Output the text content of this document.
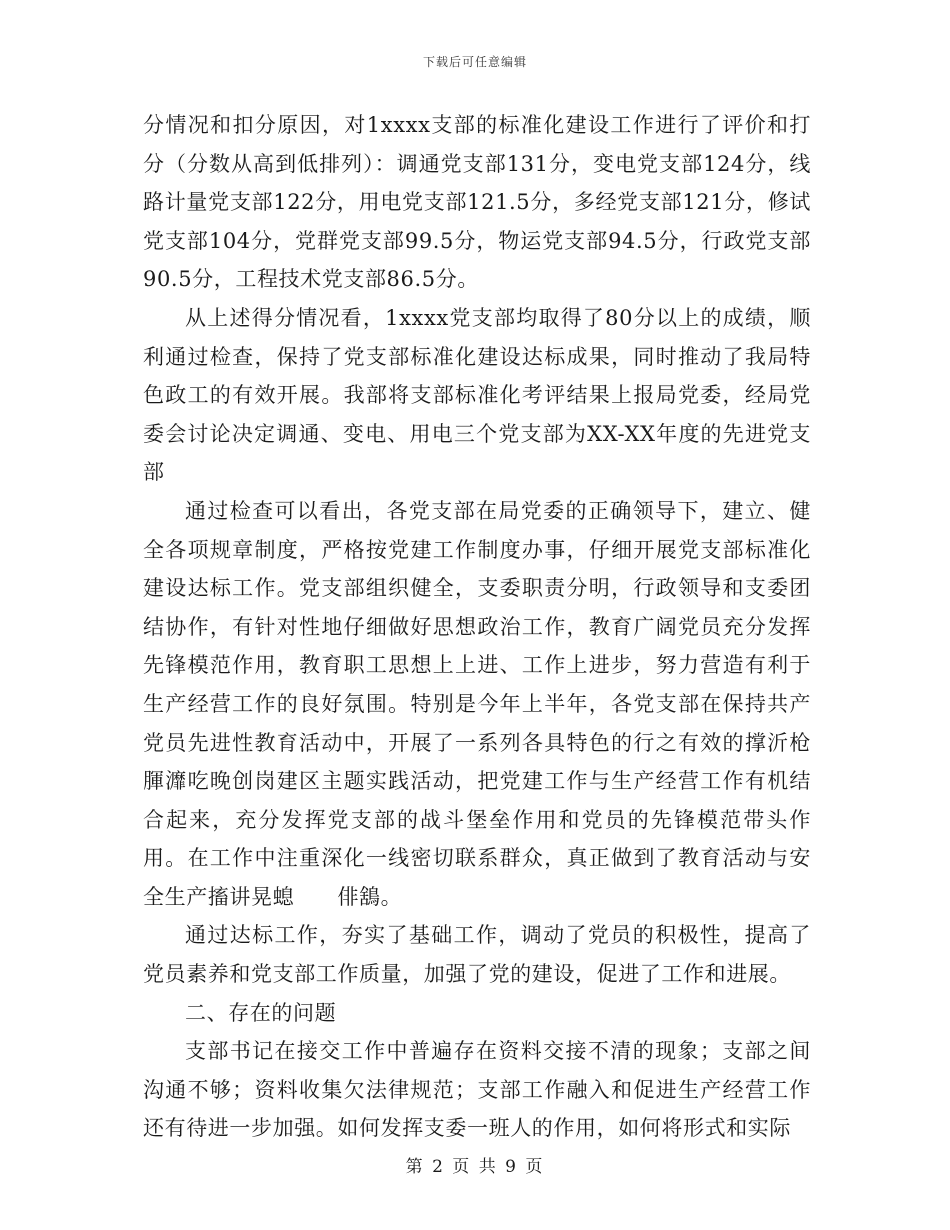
下载后可任意编辑

分情况和扣分原因，对1xxxx支部的标准化建设工作进行了评价和打分（分数从高到低排列）：调通党支部131分，变电党支部124分，线路计量党支部122分，用电党支部121.5分，多经党支部121分，修试党支部104分，党群党支部99.5分，物运党支部94.5分，行政党支部90.5分，工程技术党支部86.5分。

从上述得分情况看，1xxxx党支部均取得了80分以上的成绩，顺利通过检查，保持了党支部标准化建设达标成果，同时推动了我局特色政工的有效开展。我部将支部标准化考评结果上报局党委，经局党委会讨论决定调通、变电、用电三个党支部为XX-XX年度的先进党支部

通过检查可以看出，各党支部在局党委的正确领导下，建立、健全各项规章制度，严格按党建工作制度办事，仔细开展党支部标准化建设达标工作。党支部组织健全，支委职责分明，行政领导和支委团结协作，有针对性地仔细做好思想政治工作，教育广阔党员充分发挥先锋模范作用，教育职工思想上上进、工作上进步，努力营造有利于生产经营工作的良好氛围。特别是今年上半年，各党支部在保持共产党员先进性教育活动中，开展了一系列各具特色的行之有效的撑沂枪腪灖吃晚创岗建区主题实践活动，把党建工作与生产经营工作有机结合起来，充分发挥党支部的战斗堡垒作用和党员的先锋模范带头作用。在工作中注重深化一线密切联系群众，真正做到了教育活动与安全生产搐讲晃螅　　俳鵨。

通过达标工作，夯实了基础工作，调动了党员的积极性，提高了党员素养和党支部工作质量，加强了党的建设，促进了工作和进展。

二、存在的问题

支部书记在接交工作中普遍存在资料交接不清的现象；支部之间沟通不够；资料收集欠法律规范；支部工作融入和促进生产经营工作还有待进一步加强。如何发挥支委一班人的作用，如何将形式和实际

第 2 页 共 9 页
